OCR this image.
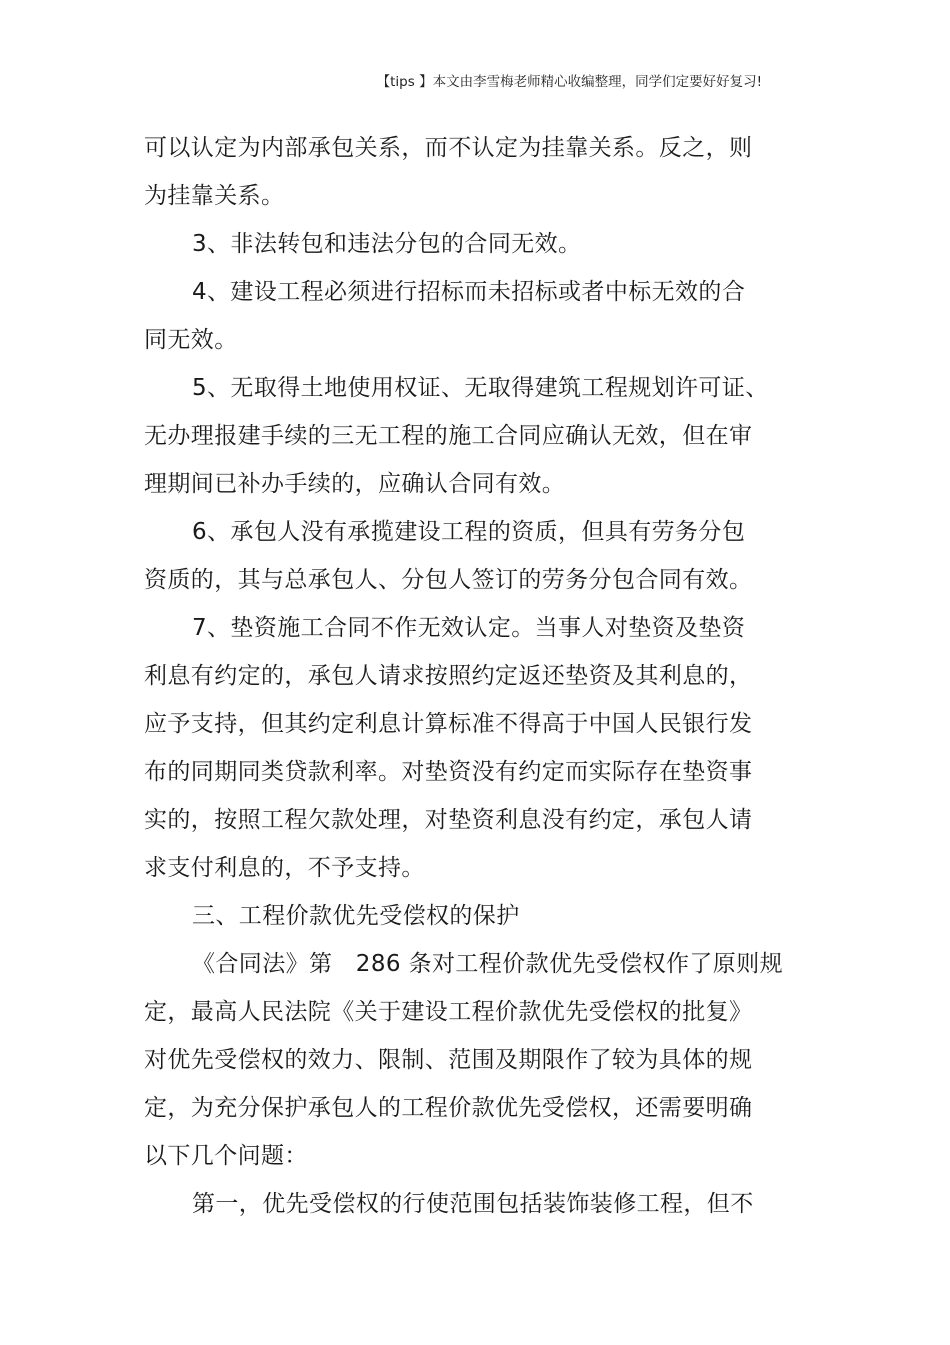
【tips 】本文由李雪梅老师精心收编整理，同学们定要好好复习!
可以认定为内部承包关系，而不认定为挂靠关系。反之，则
为挂靠关系。
3、非法转包和违法分包的合同无效。
4、建设工程必须进行招标而未招标或者中标无效的合
同无效。
5、无取得土地使用权证、无取得建筑工程规划许可证、
无办理报建手续的三无工程的施工合同应确认无效，但在审
理期间已补办手续的，应确认合同有效。
6、承包人没有承揽建设工程的资质，但具有劳务分包
资质的，其与总承包人、分包人签订的劳务分包合同有效。
7、垫资施工合同不作无效认定。当事人对垫资及垫资
利息有约定的，承包人请求按照约定返还垫资及其利息的，
应予支持，但其约定利息计算标准不得高于中国人民银行发
布的同期同类贷款利率。对垫资没有约定而实际存在垫资事
实的，按照工程欠款处理，对垫资利息没有约定，承包人请
求支付利息的，不予支持。
三、工程价款优先受偿权的保护
《合同法》第　286 条对工程价款优先受偿权作了原则规
定，最高人民法院《关于建设工程价款优先受偿权的批复》
对优先受偿权的效力、限制、范围及期限作了较为具体的规
定，为充分保护承包人的工程价款优先受偿权，还需要明确
以下几个问题：
第一，优先受偿权的行使范围包括装饰装修工程，但不
